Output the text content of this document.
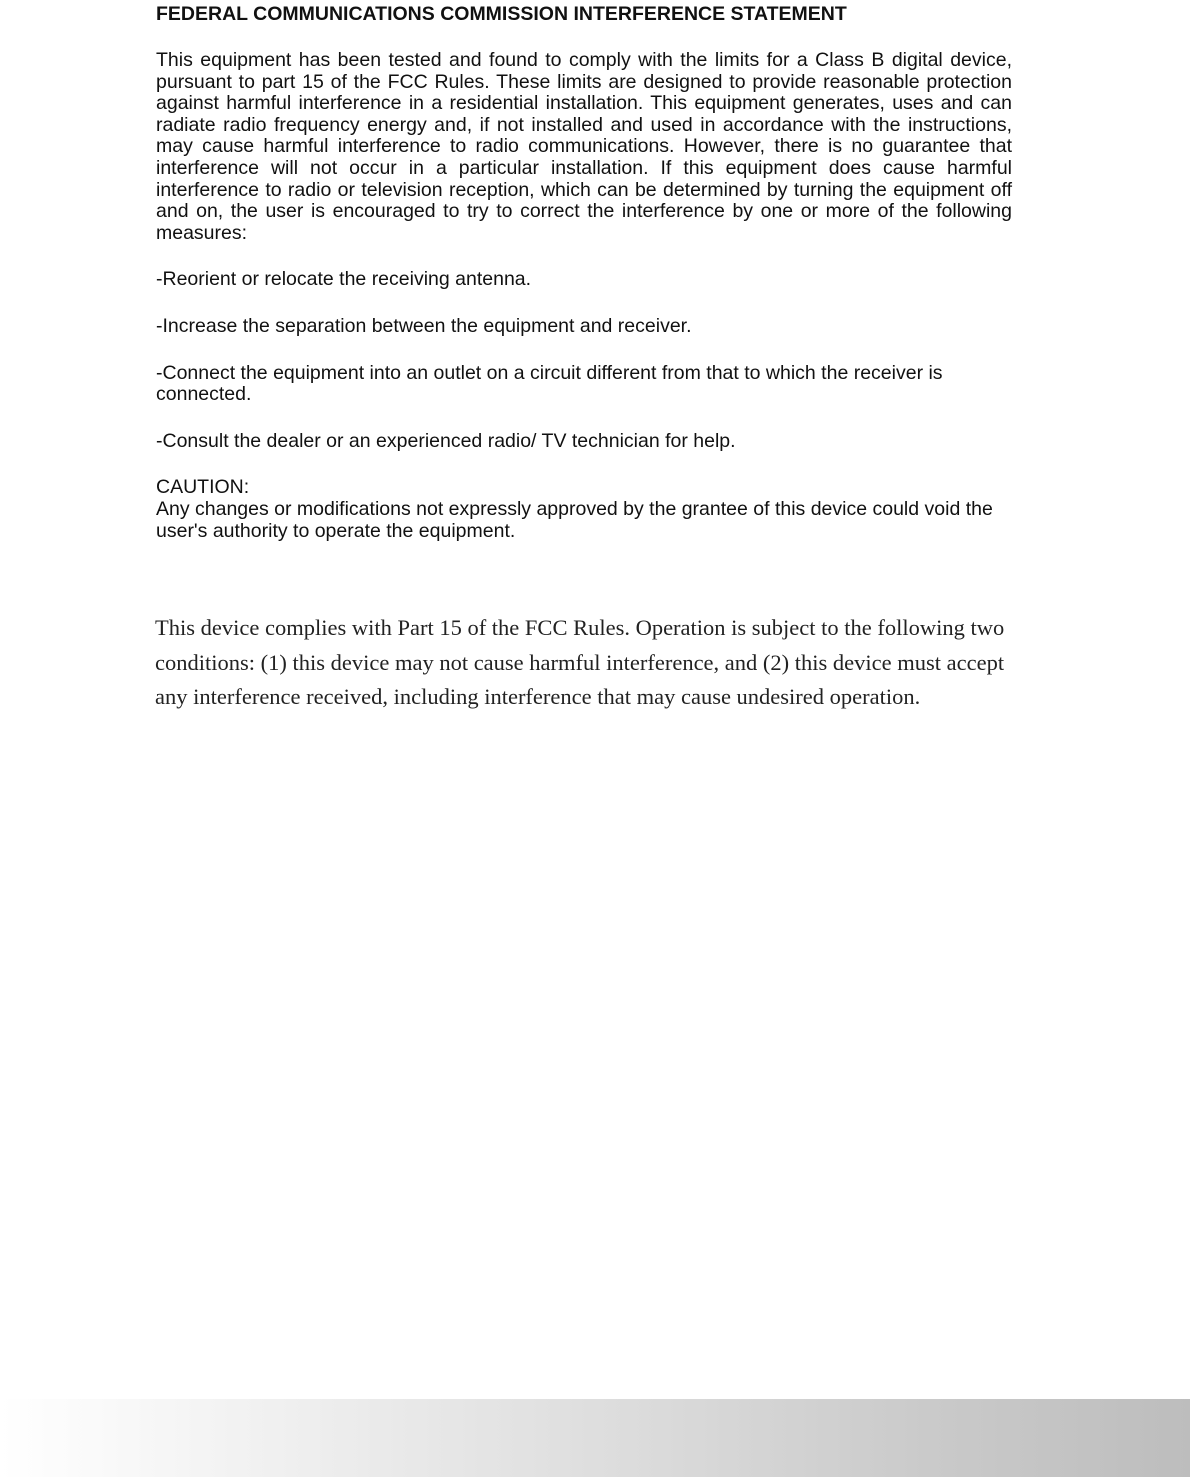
FEDERAL COMMUNICATIONS COMMISSION INTERFERENCE STATEMENT

This equipment has been tested and found to comply with the limits for a Class B digital device, pursuant to part 15 of the FCC Rules. These limits are designed to provide reasonable protection against harmful interference in a residential installation. This equipment generates, uses and can radiate radio frequency energy and, if not installed and used in accordance with the instructions, may cause harmful interference to radio communications. However, there is no guarantee that interference will not occur in a particular installation. If this equipment does cause harmful interference to radio or television reception, which can be determined by turning the equipment off and on, the user is encouraged to try to correct the interference by one or more of the following measures:

-Reorient or relocate the receiving antenna.

-Increase the separation between the equipment and receiver.

-Connect the equipment into an outlet on a circuit different from that to which the receiver is connected.

-Consult the dealer or an experienced radio/ TV technician for help.

CAUTION:

Any changes or modifications not expressly approved by the grantee of this device could void the user's authority to operate the equipment.

This device complies with Part 15 of the FCC Rules. Operation is subject to the following two conditions: (1) this device may not cause harmful interference, and (2) this device must accept any interference received, including interference that may cause undesired operation.
